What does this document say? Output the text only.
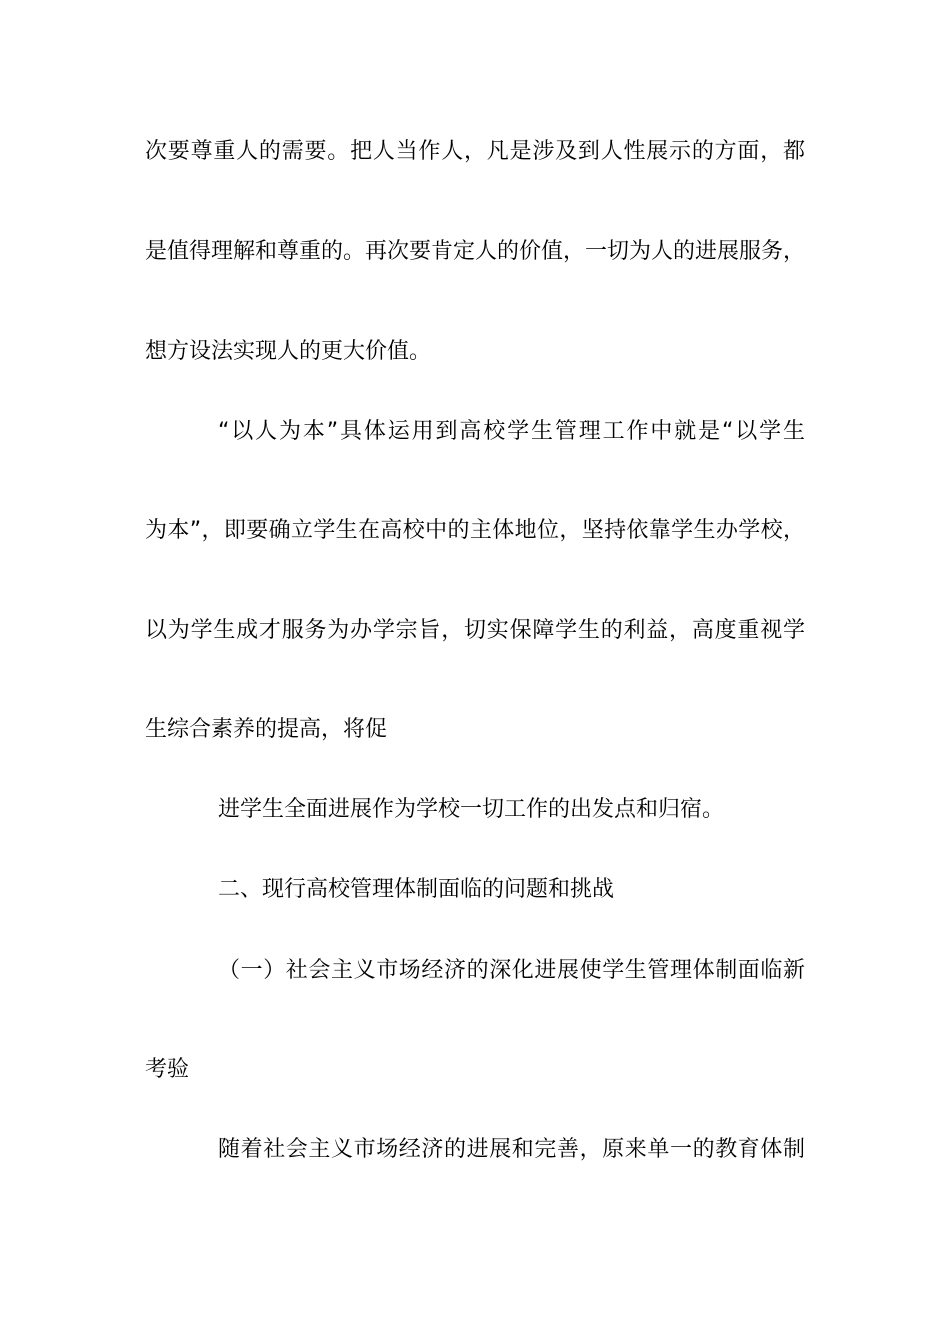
次要尊重人的需要。把人当作人，凡是涉及到人性展示的方面，都
是值得理解和尊重的。再次要肯定人的价值，一切为人的进展服务，
想方设法实现人的更大价值。
“以人为本”具体运用到高校学生管理工作中就是“以学生
为本”，即要确立学生在高校中的主体地位，坚持依靠学生办学校，
以为学生成才服务为办学宗旨，切实保障学生的利益，高度重视学
生综合素养的提高，将促
进学生全面进展作为学校一切工作的出发点和归宿。
二、现行高校管理体制面临的问题和挑战
（一）社会主义市场经济的深化进展使学生管理体制面临新
考验
随着社会主义市场经济的进展和完善，原来单一的教育体制
